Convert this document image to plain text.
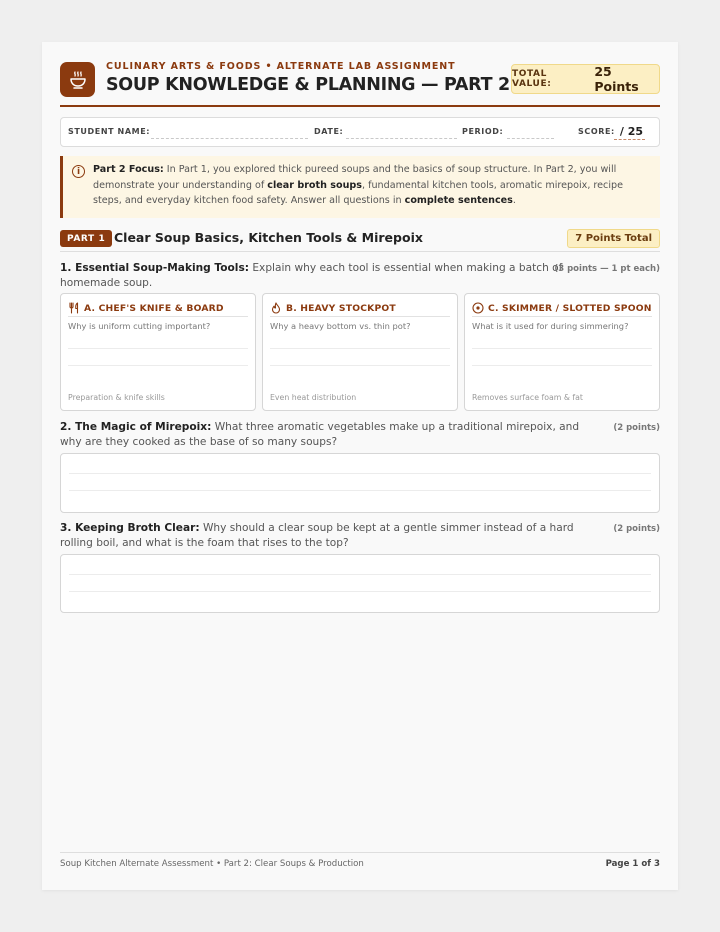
CULINARY ARTS & FOODS • ALTERNATE LAB ASSIGNMENT
SOUP KNOWLEDGE & PLANNING — PART 2
TOTAL VALUE:
25 Points
STUDENT NAME:	DATE:	PERIOD:	SCORE: / 25
i	Part 2 Focus: In Part 1, you explored thick pureed soups and the basics of soup structure. In Part 2, you will demonstrate your understanding of clear broth soups, fundamental kitchen tools, aromatic mirepoix, recipe steps, and everyday kitchen food safety. Answer all questions in complete sentences.
PART 1 Clear Soup Basics, Kitchen Tools & Mirepoix	7 Points Total
1. Essential Soup-Making Tools: Explain why each tool is essential when making a batch of homemade soup.
(3 points — 1 pt each)
A. CHEF'S KNIFE & BOARD
Why is uniform cutting important?
Preparation & knife skills
B. HEAVY STOCKPOT
Why a heavy bottom vs. thin pot?
Even heat distribution
C. SKIMMER / SLOTTED SPOON
What is it used for during simmering?
Removes surface foam & fat
2. The Magic of Mirepoix: What three aromatic vegetables make up a traditional mirepoix, and why are they cooked as the base of so many soups?
(2 points)
3. Keeping Broth Clear: Why should a clear soup be kept at a gentle simmer instead of a hard rolling boil, and what is the foam that rises to the top?
(2 points)
Soup Kitchen Alternate Assessment • Part 2: Clear Soups & Production	Page 1 of 3
